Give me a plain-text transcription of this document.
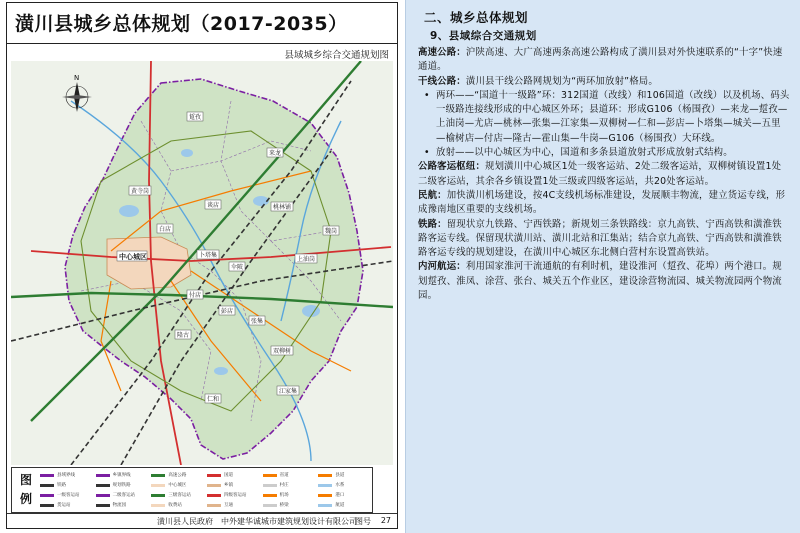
潢川县城乡总体规划（2017-2035）
县域城乡综合交通规划图
N
中心城区
双柳树
卜塔集
黄寺岗
桃林铺
来龙
魏岗
踅孜
白店
伞陂
江家集
仁和
付店
隆古
彭店
上油岗
谈店
张集
图例
县域界线	乡镇界线	高速公路	国道	省道	县道
铁路	规划铁路	中心城区	乡镇	村庄	水系
一级客运站	二级客运站	三级客运站	四级客运站	机场	港口
货运站	物流园	收费站	互通	桥梁	航道
潢川县人民政府　中外建华诚城市建筑规划设计有限公司
图号 27
二、城乡总体规划
9、县域综合交通规划

高速公路：沪陕高速、大广高速两条高速公路构成了潢川县对外快速联系的“十字”快速通道。

干线公路：潢川县干线公路网规划为“两环加放射”格局。

• 两环——“国道十一级路”环：312国道（改线）和106国道（改线）以及机场、码头一级路连接线形成的中心城区外环；县道环：形成G106（杨围孜）—来龙—踅孜—上油岗—尤店—桃林—张集—江家集—双柳树—仁和—彭店—卜塔集—城关—五里—榆树店—付店—隆古—霍山集—牛岗—G106（杨围孜）大环线。

• 放射——以中心城区为中心，国道和多条县道放射式形成放射式结构。

公路客运枢纽：规划潢川中心城区1处一级客运站、2处二级客运站，双柳树镇设置1处二级客运站，其余各乡镇设置1处三级或四级客运站，共20处客运站。

民航：加快潢川机场建设，按4C支线机场标准建设，发展顺丰物流，建立货运专线，形成豫南地区重要的支线机场。

铁路：留现状京九铁路、宁西铁路；新规划三条铁路线：京九高铁、宁西高铁和潢淮铁路客运专线。保留现状潢川站、潢川北站和江集站；结合京九高铁、宁西高铁和潢淮铁路客运专线的规划建设，在潢川中心城区东北侧白营村东设置高铁站。

内河航运：利用国家淮河干流通航的有利时机，建设淮河（踅孜、花埠）两个港口。规划踅孜、淮凤、涂营、张台、城关五个作业区，建设涂营物流园、城关物流园两个物流园。
